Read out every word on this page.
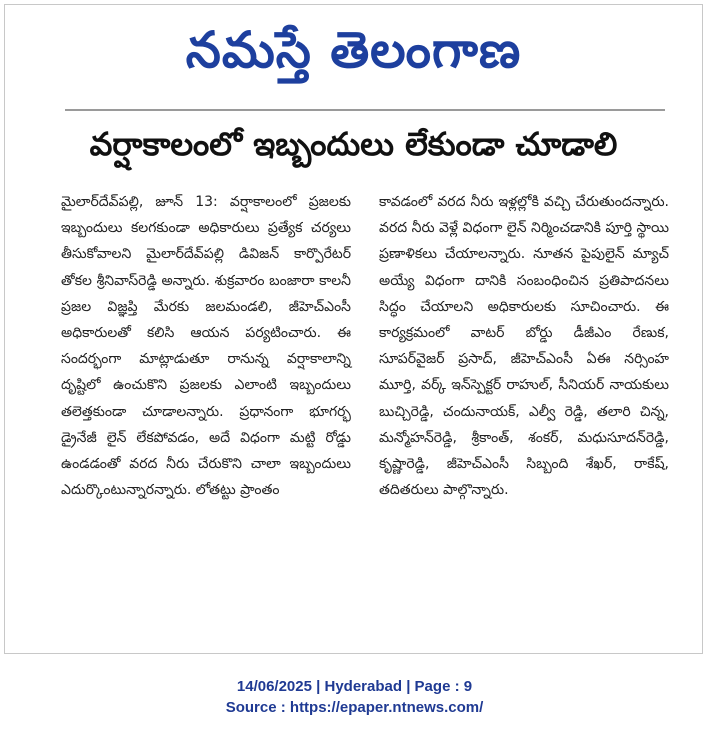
నమస్తే తెలంగాణ
వర్షాకాలంలో ఇబ్బందులు లేకుండా చూడాలి
మైలార్‌దేవ్‌పల్లి, జూన్ 13: వర్షాకాలంలో ప్రజలకు ఇబ్బందులు కలగకుండా అధికారులు ప్రత్యేక చర్యలు తీసుకోవాలని మైలార్‌దేవ్‌పల్లి డివిజన్ కార్పొరేటర్ తోకల శ్రీనివాస్‌రెడ్డి అన్నారు. శుక్రవారం బంజారా కాలనీ ప్రజల విజ్ఞప్తి మేరకు జలమండలి, జీహెచ్‌ఎంసీ అధికారులతో కలిసి ఆయన పర్యటించారు. ఈ సందర్భంగా మాట్లాడుతూ రానున్న వర్షాకాలాన్ని దృష్టిలో ఉంచుకొని ప్రజలకు ఎలాంటి ఇబ్బందులు తలెత్తకుండా చూడాలన్నారు. ప్రధానంగా భూగర్భ డ్రైనేజీ లైన్ లేకపోవడం, అదే విధంగా మట్టి రోడ్డు ఉండడంతో వరద నీరు చేరుకొని చాలా ఇబ్బందులు ఎదుర్కొంటున్నారన్నారు. లోతట్టు ప్రాంతం
కావడంలో వరద నీరు ఇళ్లల్లోకి వచ్చి చేరుతుందన్నారు. వరద నీరు వెళ్లే విధంగా లైన్ నిర్మించడానికి పూర్తి స్థాయి ప్రణాళికలు చేయాలన్నారు. నూతన పైపులైన్ మ్యాచ్ అయ్యే విధంగా దానికి సంబంధించిన ప్రతిపాదనలు సిద్ధం చేయాలని అధికారులకు సూచించారు. ఈ కార్యక్రమంలో వాటర్ బోర్డు డీజీఎం రేణుక, సూపర్‌వైజర్ ప్రసాద్, జీహెచ్‌ఎంసీ ఏఈ నర్సింహ మూర్తి, వర్క్ ఇన్‌స్పెక్టర్ రాహుల్, సీనియర్ నాయకులు బుచ్చిరెడ్డి, చందునాయక్, ఎల్వీ రెడ్డి, తలారి చిన్న, మన్మోహన్‌రెడ్డి, శ్రీకాంత్, శంకర్, మధుసూదన్‌రెడ్డి, కృష్ణారెడ్డి, జీహెచ్‌ఎంసీ సిబ్బంది శేఖర్, రాకేష్, తదితరులు పాల్గొన్నారు.
14/06/2025 | Hyderabad | Page : 9
Source : https://epaper.ntnews.com/
